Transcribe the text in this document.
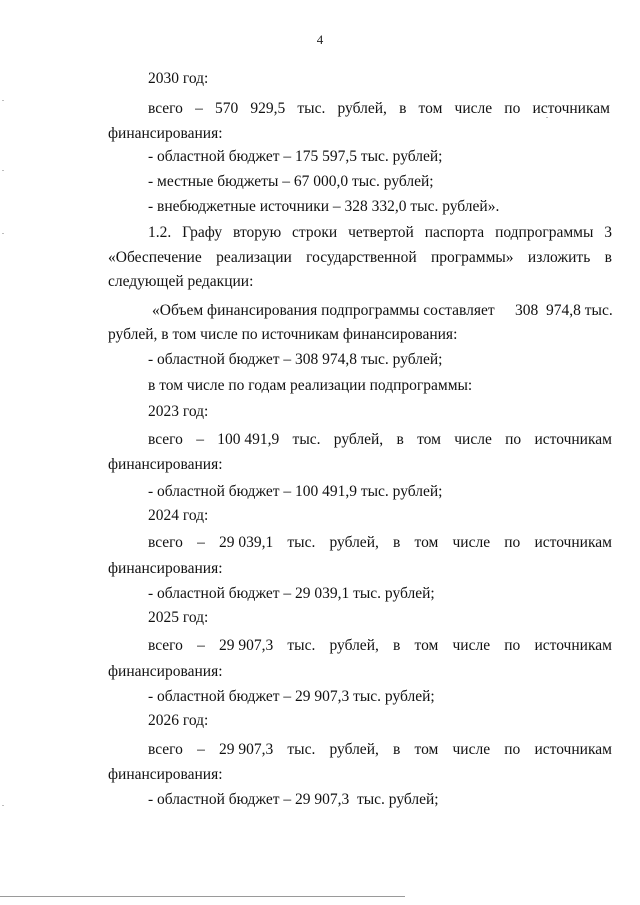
4
2030 год:
всего – 570 929,5 тыс. рублей, в том числе по источникам
финансирования:
- областной бюджет – 175 597,5 тыс. рублей;
- местные бюджеты – 67 000,0 тыс. рублей;
- внебюджетные источники – 328 332,0 тыс. рублей».
1.2. Графу вторую строки четвертой паспорта подпрограммы 3
«Обеспечение реализации государственной программы» изложить в
следующей редакции:
«Объем финансирования подпрограммы составляет 308  974,8 тыс.
рублей, в том числе по источникам финансирования:
- областной бюджет – 308 974,8 тыс. рублей;
в том числе по годам реализации подпрограммы:
2023 год:
всего – 100 491,9 тыс. рублей, в том числе по источникам
финансирования:
- областной бюджет – 100 491,9 тыс. рублей;
2024 год:
всего – 29 039,1 тыс. рублей, в том числе по источникам
финансирования:
- областной бюджет – 29 039,1 тыс. рублей;
2025 год:
всего – 29 907,3 тыс. рублей, в том числе по источникам
финансирования:
- областной бюджет – 29 907,3 тыс. рублей;
2026 год:
всего – 29 907,3 тыс. рублей, в том числе по источникам
финансирования:
- областной бюджет – 29 907,3  тыс. рублей;
